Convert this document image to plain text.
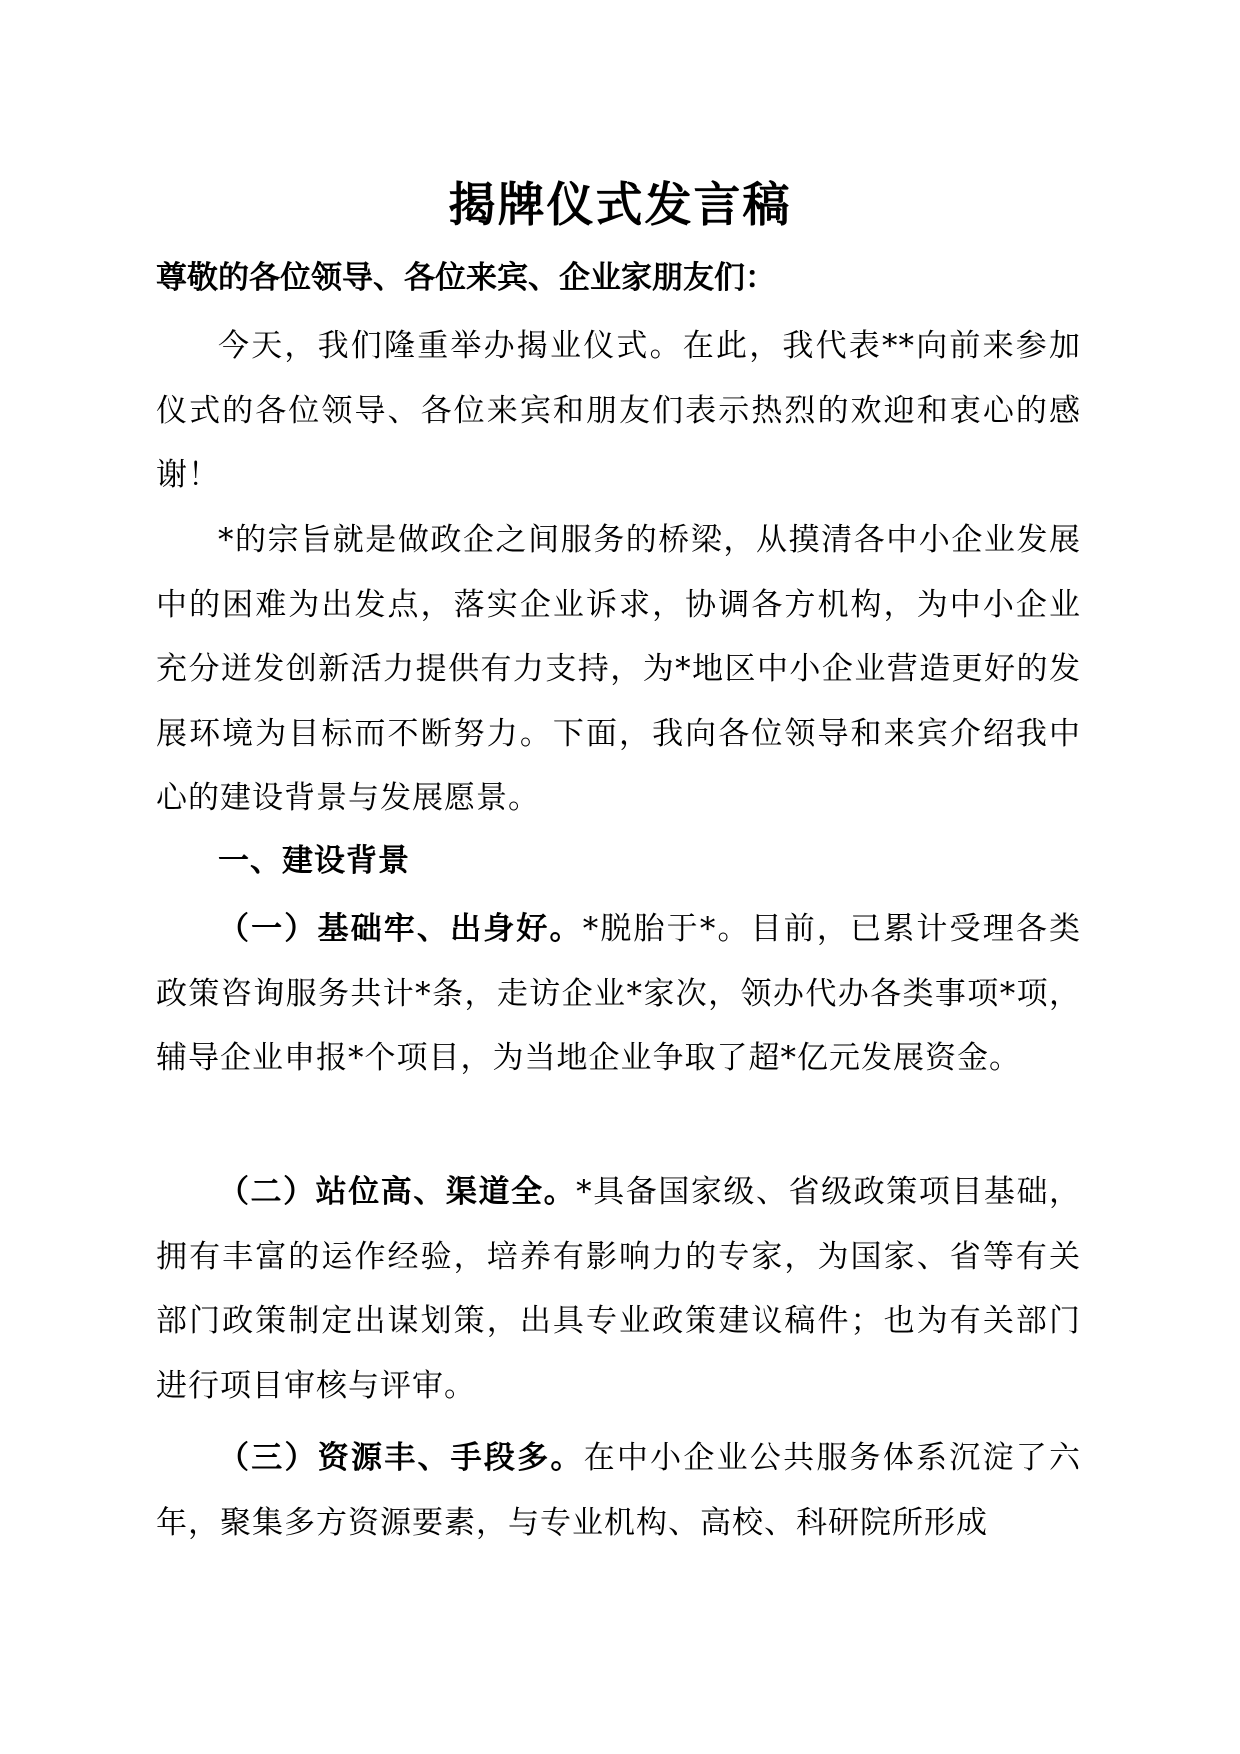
揭牌仪式发言稿
尊敬的各位领导、各位来宾、企业家朋友们：

今天，我们隆重举办揭业仪式。在此，我代表**向前来参加仪式的各位领导、各位来宾和朋友们表示热烈的欢迎和衷心的感谢！

*的宗旨就是做政企之间服务的桥梁，从摸清各中小企业发展中的困难为出发点，落实企业诉求，协调各方机构，为中小企业充分迸发创新活力提供有力支持，为*地区中小企业营造更好的发展环境为目标而不断努力。下面，我向各位领导和来宾介绍我中心的建设背景与发展愿景。

一、建设背景

（一）基础牢、出身好。*脱胎于*。目前，已累计受理各类政策咨询服务共计*条，走访企业*家次，领办代办各类事项*项，辅导企业申报*个项目，为当地企业争取了超*亿元发展资金。

（二）站位高、渠道全。*具备国家级、省级政策项目基础，拥有丰富的运作经验，培养有影响力的专家，为国家、省等有关部门政策制定出谋划策，出具专业政策建议稿件；也为有关部门进行项目审核与评审。

（三）资源丰、手段多。在中小企业公共服务体系沉淀了六年，聚集多方资源要素，与专业机构、高校、科研院所形成
